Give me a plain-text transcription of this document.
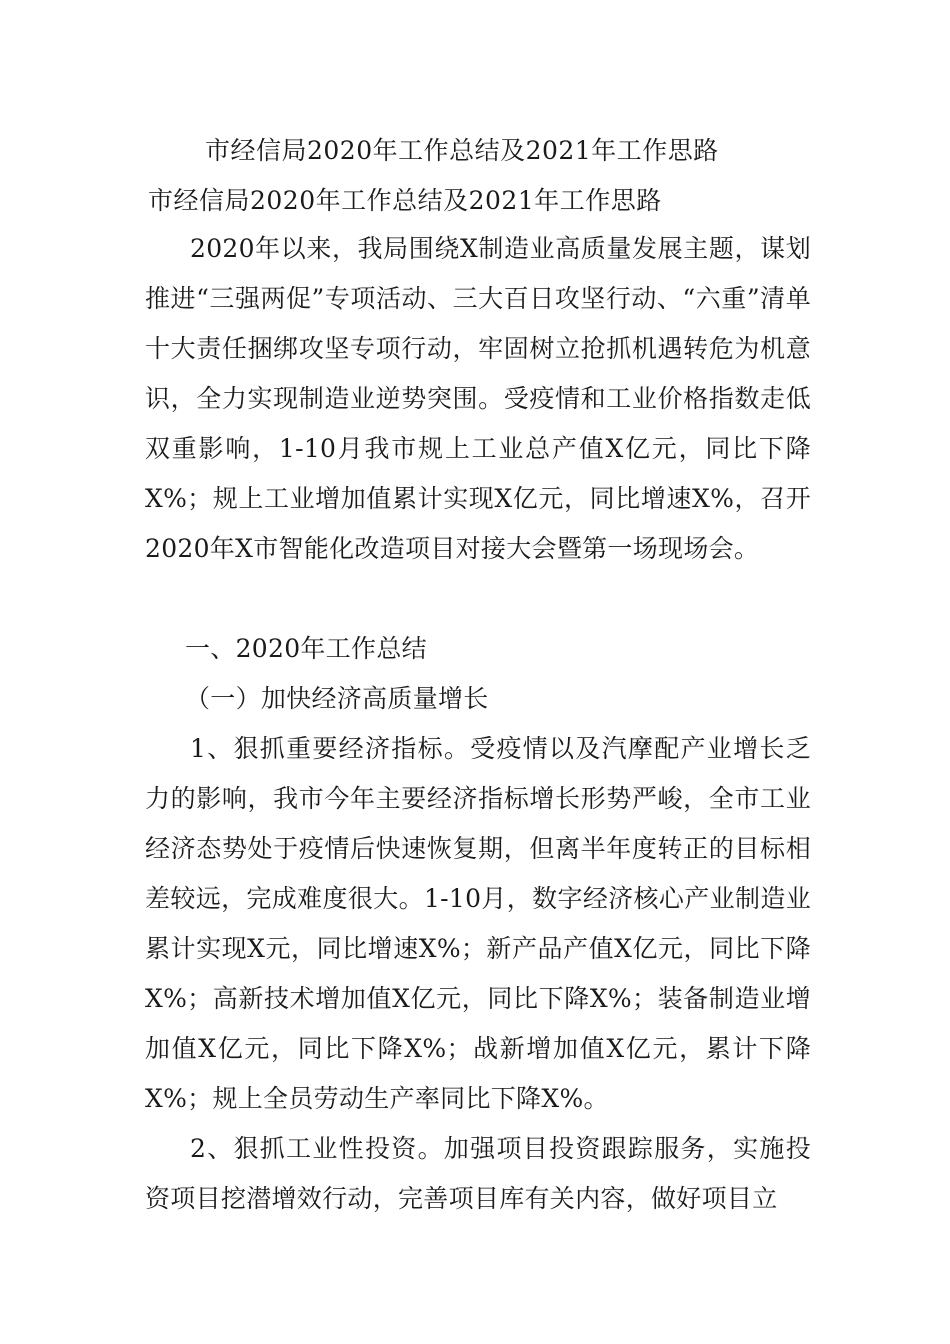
市经信局2020年工作总结及2021年工作思路
市经信局2020年工作总结及2021年工作思路

2020年以来，我局围绕X制造业高质量发展主题，谋划推进“三强两促”专项活动、三大百日攻坚行动、“六重”清单十大责任捆绑攻坚专项行动，牢固树立抢抓机遇转危为机意识，全力实现制造业逆势突围。受疫情和工业价格指数走低双重影响，1-10月我市规上工业总产值X亿元，同比下降X%；规上工业增加值累计实现X亿元，同比增速X%，召开2020年X市智能化改造项目对接大会暨第一场现场会。

一、2020年工作总结
（一）加快经济高质量增长

1、狠抓重要经济指标。受疫情以及汽摩配产业增长乏力的影响，我市今年主要经济指标增长形势严峻，全市工业经济态势处于疫情后快速恢复期，但离半年度转正的目标相差较远，完成难度很大。1-10月，数字经济核心产业制造业累计实现X元，同比增速X%；新产品产值X亿元，同比下降X%；高新技术增加值X亿元，同比下降X%；装备制造业增加值X亿元，同比下降X%；战新增加值X亿元，累计下降X%；规上全员劳动生产率同比下降X%。

2、狠抓工业性投资。加强项目投资跟踪服务，实施投资项目挖潜增效行动，完善项目库有关内容，做好项目立
